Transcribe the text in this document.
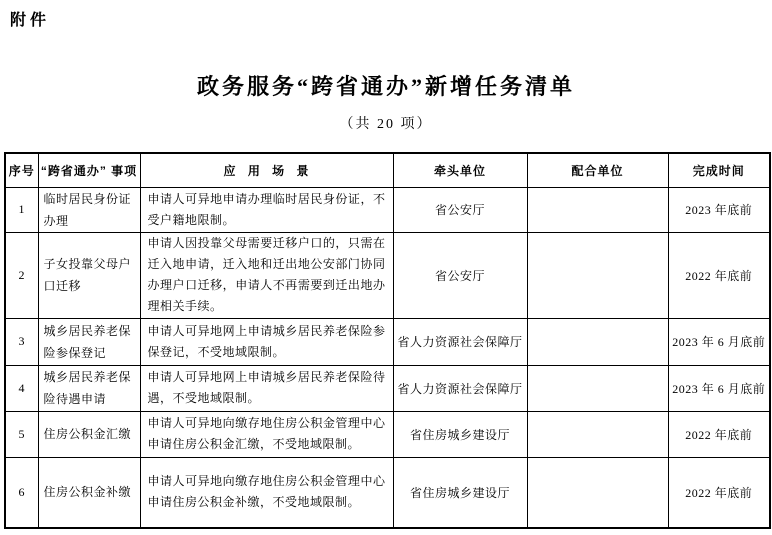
附件
政务服务“跨省通办”新增任务清单
（共 20 项）
序号	“跨省通办” 事项	应 用 场 景	牵头单位	配合单位	完成时间
1	临时居民身份证办理	申请人可异地申请办理临时居民身份证，不受户籍地限制。	省公安厅		2023 年底前
2	子女投靠父母户口迁移	申请人因投靠父母需要迁移户口的，只需在迁入地申请，迁入地和迁出地公安部门协同办理户口迁移，申请人不再需要到迁出地办理相关手续。	省公安厅		2022 年底前
3	城乡居民养老保险参保登记	申请人可异地网上申请城乡居民养老保险参保登记，不受地域限制。	省人力资源社会保障厅		2023 年 6 月底前
4	城乡居民养老保险待遇申请	申请人可异地网上申请城乡居民养老保险待遇，不受地域限制。	省人力资源社会保障厅		2023 年 6 月底前
5	住房公积金汇缴	申请人可异地向缴存地住房公积金管理中心申请住房公积金汇缴，不受地域限制。	省住房城乡建设厅		2022 年底前
6	住房公积金补缴	申请人可异地向缴存地住房公积金管理中心申请住房公积金补缴，不受地域限制。	省住房城乡建设厅		2022 年底前
